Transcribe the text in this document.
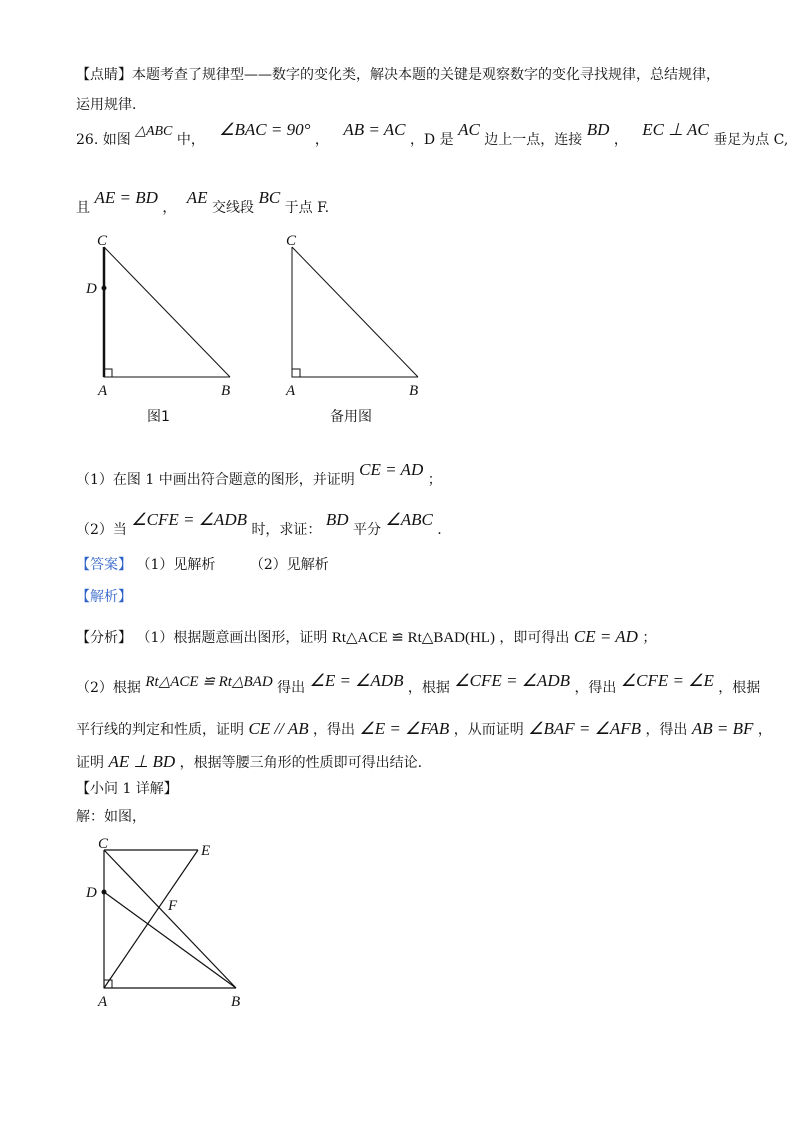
【点睛】本题考查了规律型——数字的变化类，解决本题的关键是观察数字的变化寻找规律，总结规律，
运用规律．
26. 如图 △ABC 中， ∠BAC = 90° ， AB = AC ，D 是 AC 边上一点，连接 BD ， EC ⊥ AC 垂足为点 C,
且 AE = BD ， AE 交线段 BC 于点 F.
C
D
A	B
图1
C
A	B
备用图
（1）在图 1 中画出符合题意的图形，并证明 CE = AD ；
（2）当 ∠CFE = ∠ADB 时，求证： BD 平分 ∠ABC .
【答案】 （1）见解析 （2）见解析
【解析】
【分析】 （1）根据题意画出图形，证明 Rt△ACE ≌ Rt△BAD(HL) ，即可得出 CE = AD ；
（2）根据 Rt△ACE ≌ Rt△BAD 得出 ∠E = ∠ADB ，根据 ∠CFE = ∠ADB ，得出 ∠CFE = ∠E ，根据
平行线的判定和性质，证明 CE // AB ，得出 ∠E = ∠FAB ，从而证明 ∠BAF = ∠AFB ，得出 AB = BF ，
证明 AE ⊥ BD ，根据等腰三角形的性质即可得出结论.
【小问 1 详解】
解：如图，
C	E
D
F
A	B
